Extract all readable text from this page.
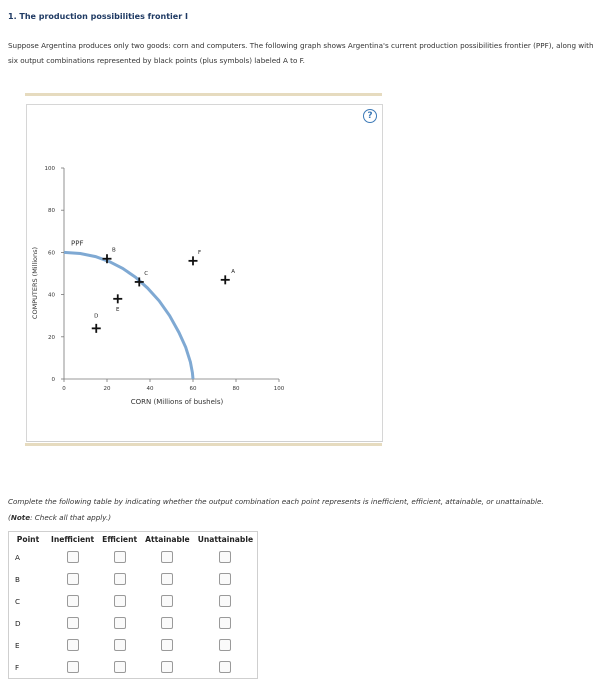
1. The production possibilities frontier I
Suppose Argentina produces only two goods: corn and computers. The following graph shows Argentina's current production possibilities frontier (PPF), along with six output combinations represented by black points (plus symbols) labeled A to F.
?
0	20	40	60	80	100
0
20
40
60
80
100
PPF
A
B
C
D
E
F
CORN (Millions of bushels)
COMPUTERS (Millions)
Complete the following table by indicating whether the output combination each point represents is inefficient, efficient, attainable, or unattainable.
(Note: Check all that apply.)
Point	Inefficient	Efficient	Attainable	Unattainable
A				
B				
C				
D				
E				
F				
